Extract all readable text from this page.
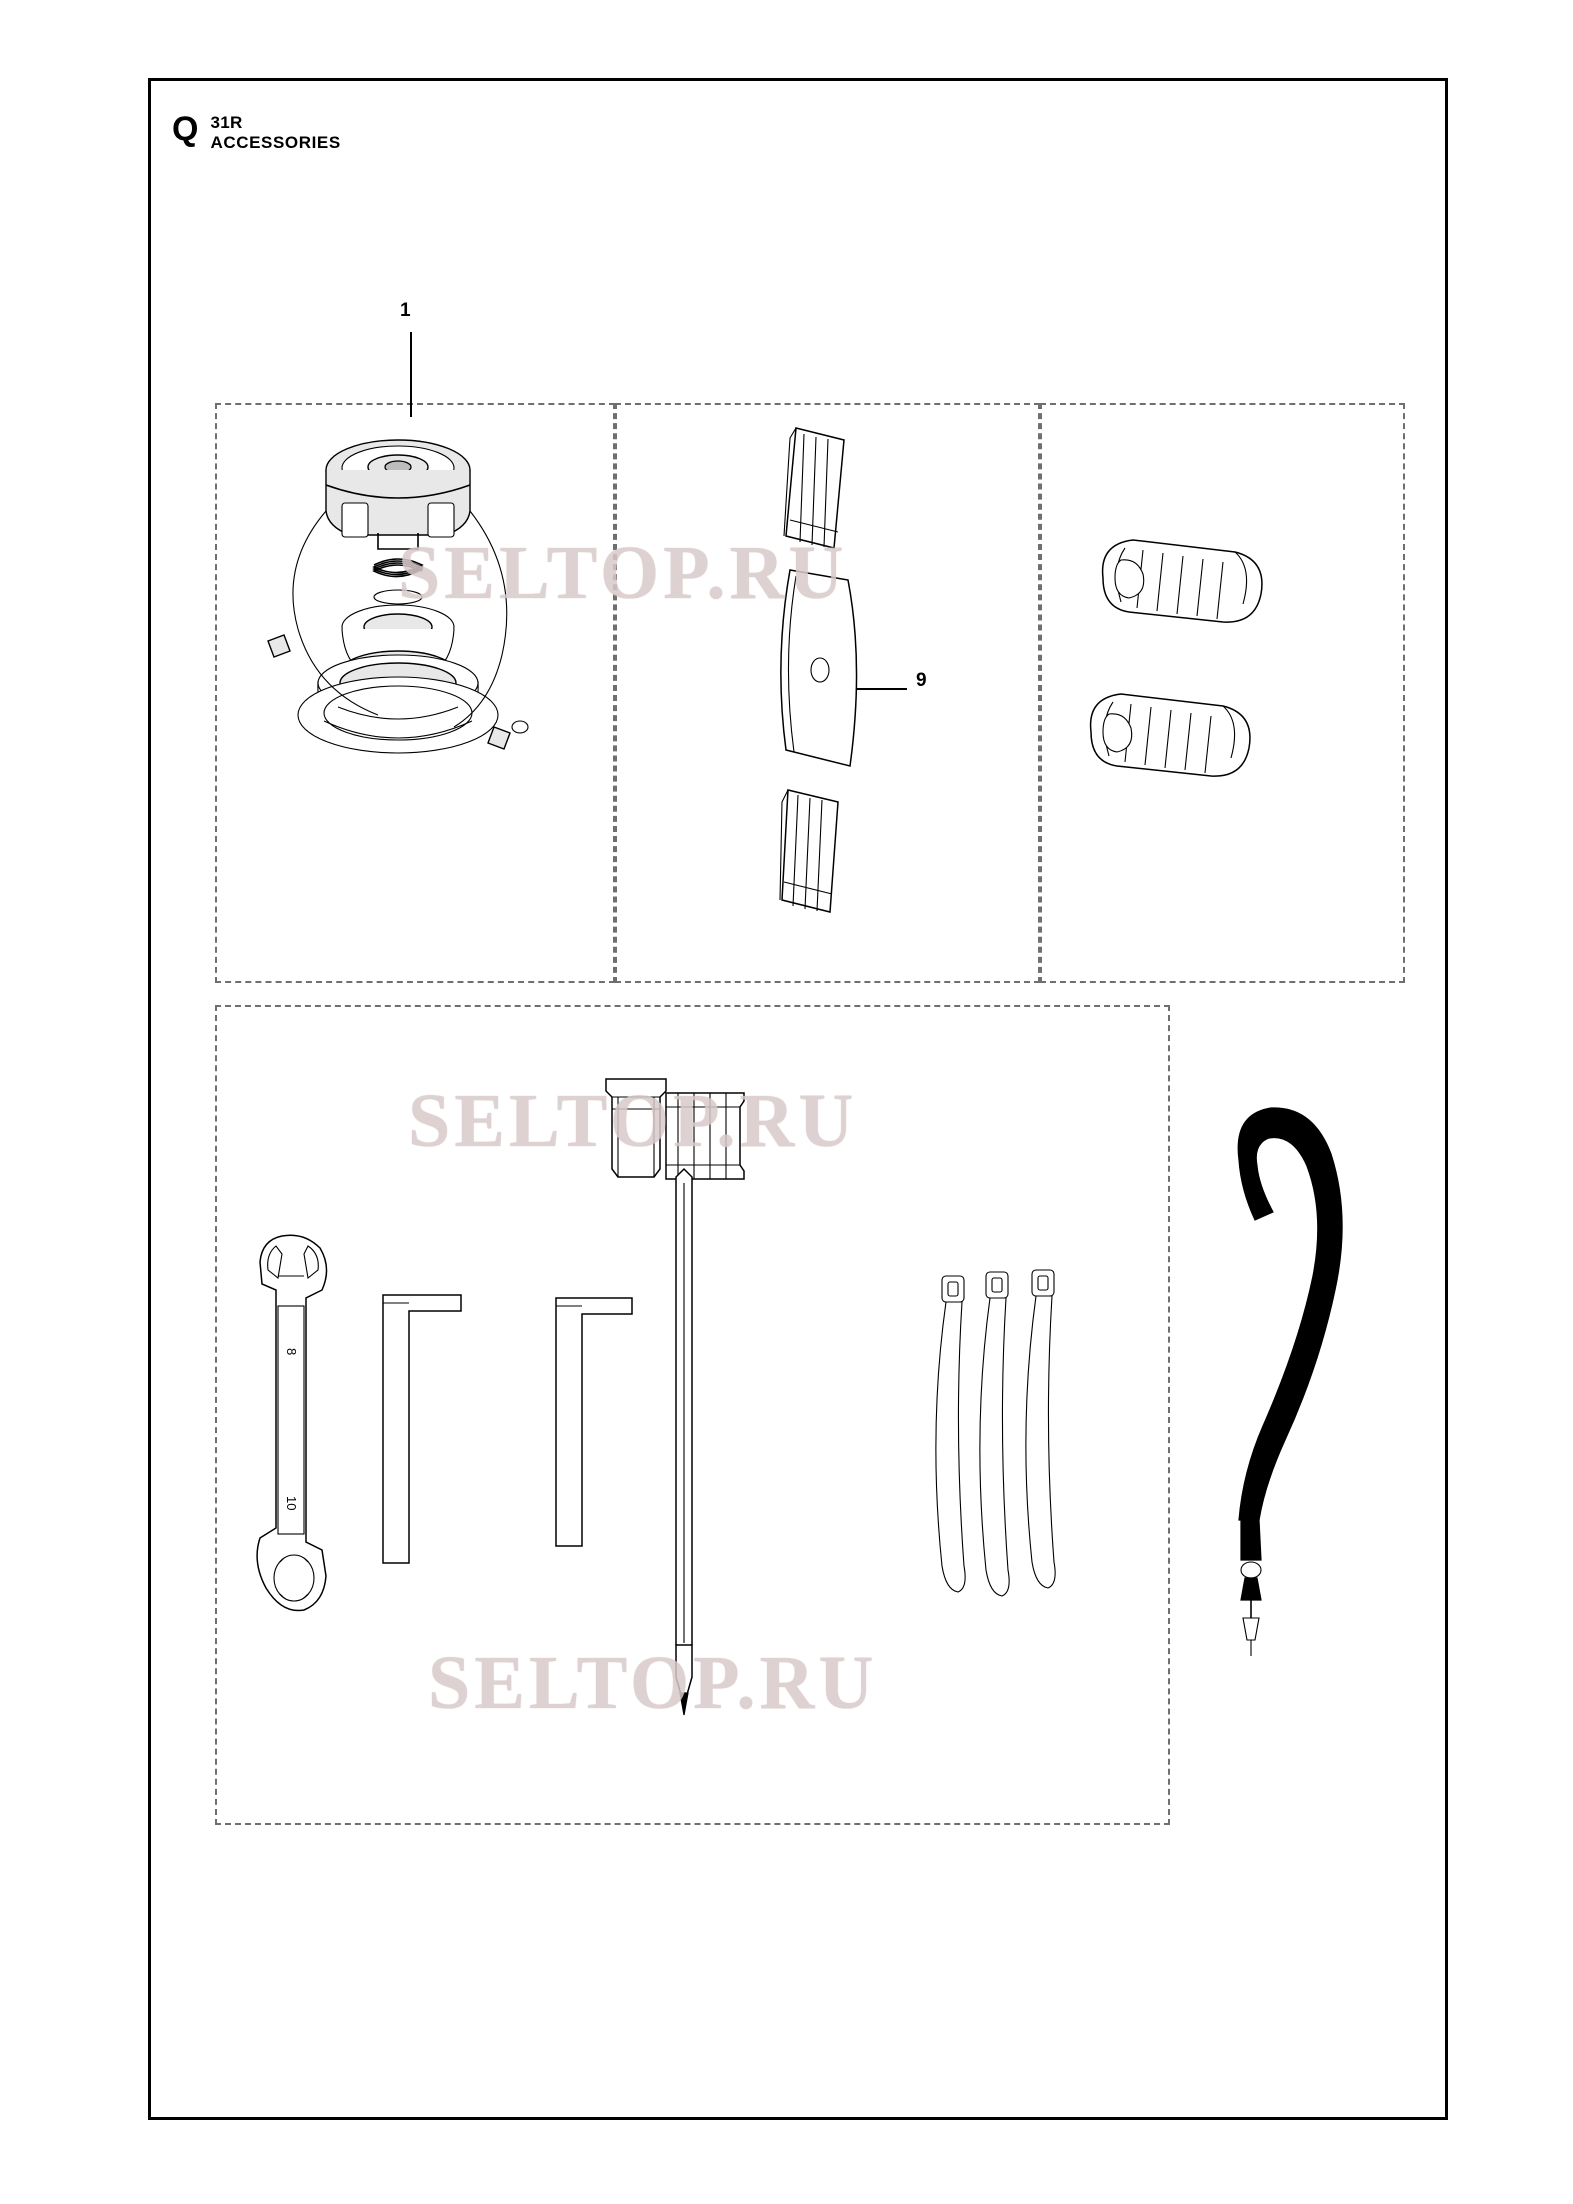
Q 31R
ACCESSORIES
1
9
8
10
SELTOP.RU
SELTOP.RU
SELTOP.RU
